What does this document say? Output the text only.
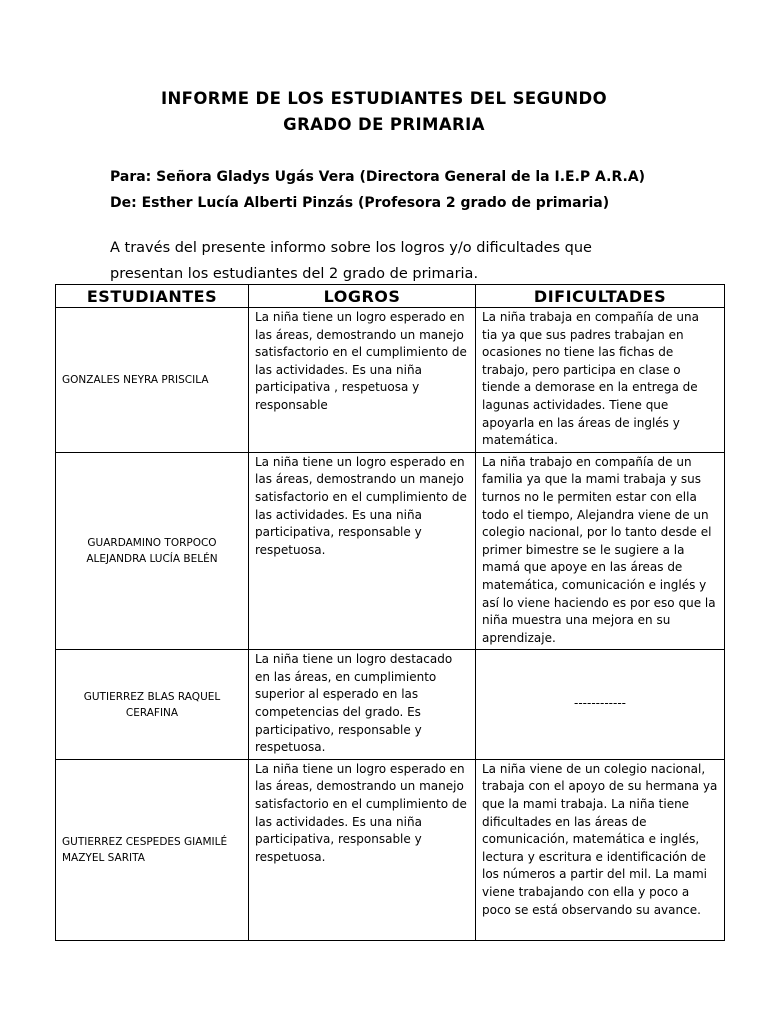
INFORME DE LOS ESTUDIANTES DEL SEGUNDO
GRADO DE PRIMARIA
Para: Señora Gladys Ugás Vera (Directora General de la I.E.P A.R.A)
De: Esther Lucía Alberti Pinzás (Profesora 2 grado de primaria)
A través del presente informo sobre los logros y/o dificultades que
presentan los estudiantes del 2 grado de primaria.
ESTUDIANTES	LOGROS	DIFICULTADES
GONZALES NEYRA PRISCILA	La niña tiene un logro esperado en las áreas, demostrando un manejo satisfactorio en el cumplimiento de las actividades. Es una niña participativa , respetuosa y responsable	La niña trabaja en compañía de una tia ya que sus padres trabajan en ocasiones no tiene las fichas de trabajo, pero participa en clase o tiende a demorase en la entrega de lagunas actividades. Tiene que apoyarla en las áreas de inglés y matemática.
GUARDAMINO TORPOCO ALEJANDRA LUCÍA BELÉN	La niña tiene un logro esperado en las áreas, demostrando un manejo satisfactorio en el cumplimiento de las actividades. Es una niña participativa, responsable y respetuosa.	La niña trabajo en compañía de un familia ya que la mami trabaja y sus turnos no le permiten estar con ella todo el tiempo, Alejandra viene de un colegio nacional, por lo tanto desde el primer bimestre se le sugiere a la mamá que apoye en las áreas de matemática, comunicación e inglés y así lo viene haciendo es por eso que la niña muestra una mejora en su aprendizaje.
GUTIERREZ BLAS RAQUEL CERAFINA	La niña tiene un logro destacado en las áreas, en cumplimiento superior al esperado en las competencias del grado. Es participativo, responsable y respetuosa.	------------
GUTIERREZ CESPEDES GIAMILÉ MAZYEL SARITA	La niña tiene un logro esperado en las áreas, demostrando un manejo satisfactorio en el cumplimiento de las actividades. Es una niña participativa, responsable y respetuosa.	La niña viene de un colegio nacional, trabaja con el apoyo de su hermana ya que la mami trabaja. La niña tiene dificultades en las áreas de comunicación, matemática e inglés, lectura y escritura e identificación de los números a partir del mil. La mami viene trabajando con ella y poco a poco se está observando su avance.
